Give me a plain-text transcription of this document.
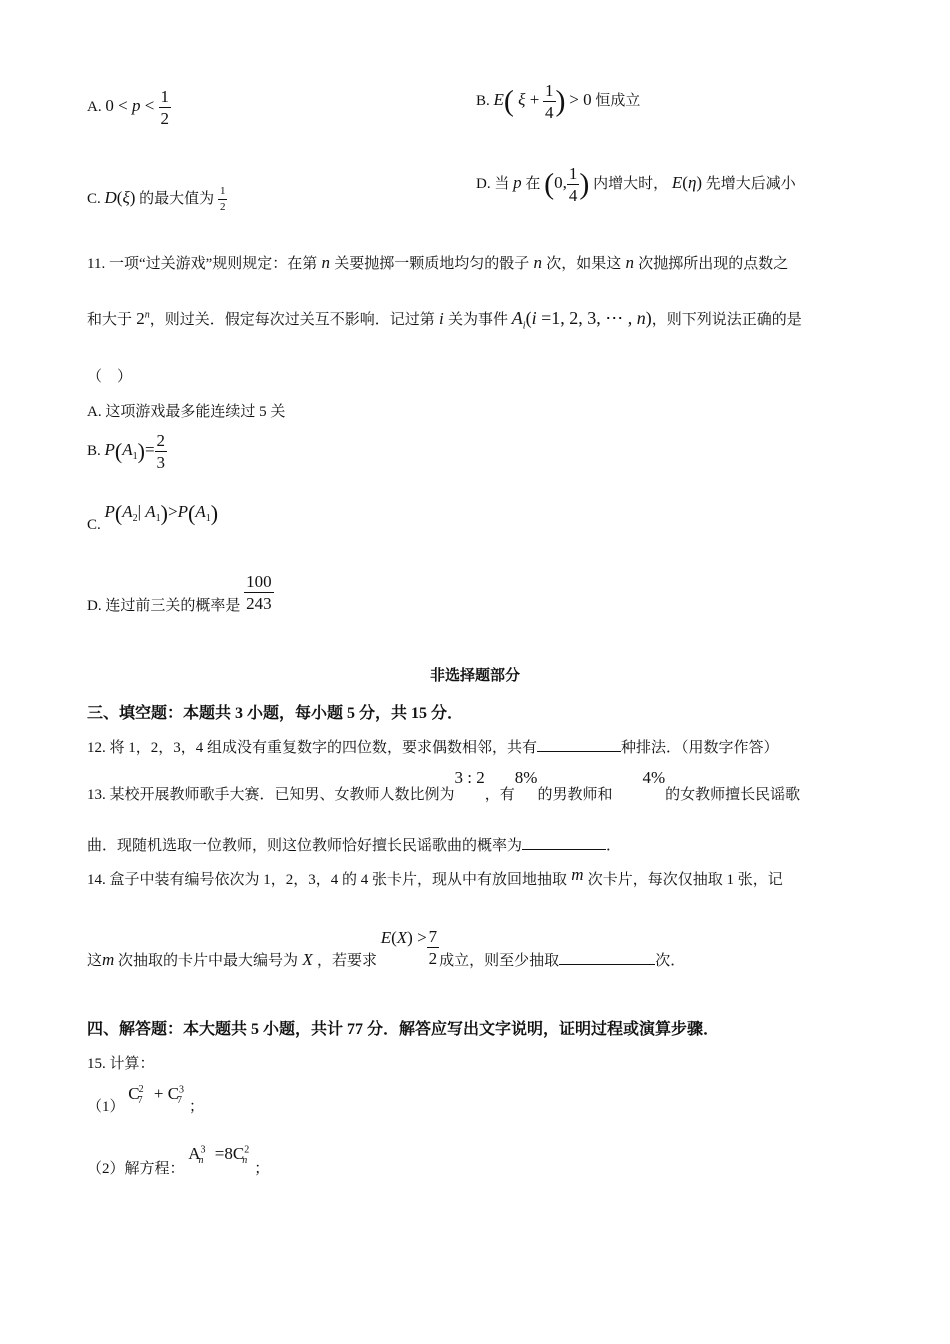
A. $0 < p < \frac{1}{2}$	B. E( $\xi + \frac{1}{4}$ ) > 0 恒成立
C. D(ξ) 的最大值为 $\frac{1}{2}$
D. 当 p 在 (0, $\frac{1}{4}$ ) 内增大时， E(η) 先增大后减小
11. 一项“过关游戏”规则规定：在第 n 关要抛掷一颗质地均匀的骰子 n 次，如果这 n 次抛掷所出现的点数之
和大于 2$^n$，则过关．假定每次过关互不影响．记过第 i 关为事件 $A_i(i =1$, 2, 3, ⋯ , n)，则下列说法正确的是
（　）
A. 这项游戏最多能连续过 5 关
B. $P(A_1)= \frac{2}{3}$
C. $P(A_2|$ $A_1)>P(A_1)$
D. 连过前三关的概率是 $\frac{100}{243}$
非选择题部分
三、填空题：本题共 3 小题，每小题 5 分，共 15 分．
12. 将 1，2，3，4 组成没有重复数字的四位数，要求偶数相邻，共有	种排法．（用数字作答）
13. 某校开展教师歌手大赛．已知男、女教师人数比例为3 : 2，有8%的男教师和4%的女教师擅长民谣歌
曲．现随机选取一位教师，则这位教师恰好擅长民谣歌曲的概率为	．
14. 盒子中装有编号依次为 1，2，3，4 的 4 张卡片，现从中有放回地抽取 m 次卡片，每次仅抽取 1 张，记
这m 次抽取的卡片中最大编号为 X ，若要求 $E(X) > \frac{7}{2}$ 成立，则至少抽取	次．
四、解答题：本大题共 5 小题，共计 77 分．解答应写出文字说明，证明过程或演算步骤．
15. 计算：
（1） $C^2_7 + C^3_7$ ；
（2）解方程： $A^3_n =8C^2_n$；
